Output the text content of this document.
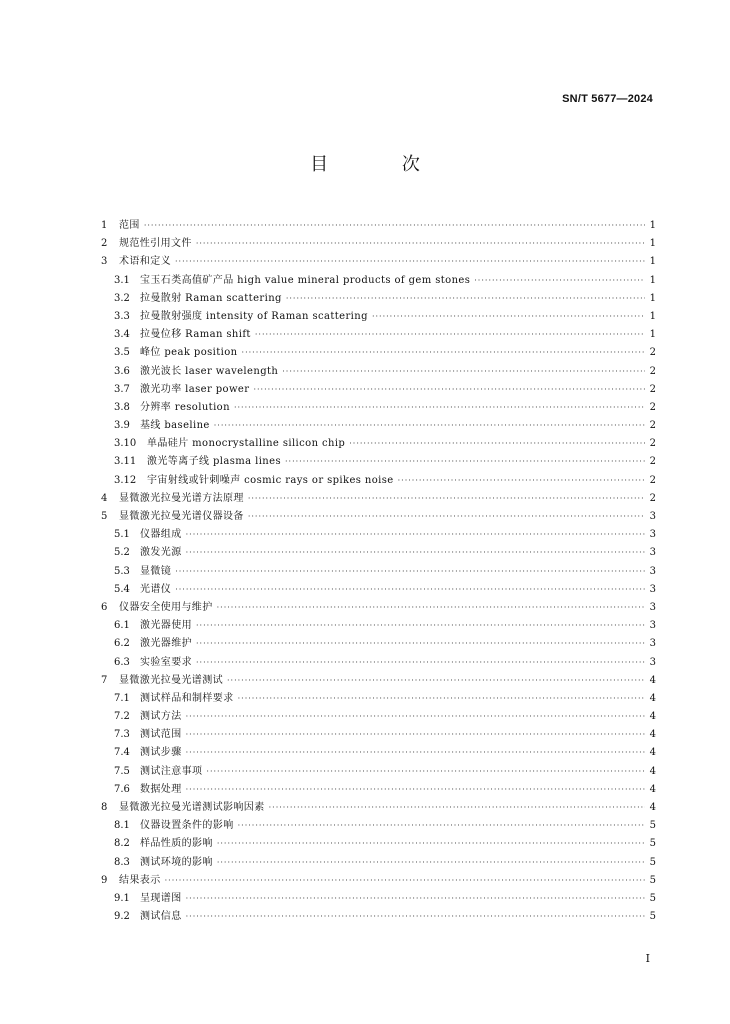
SN/T 5677—2024
目 次
1	范围 ·····	1
2	规范性引用文件 ·····	1
3	术语和定义 ·····	1
3.1	宝玉石类高值矿产品 high value mineral products of gem stones ·····	1
3.2	拉曼散射 Raman scattering ·····	1
3.3	拉曼散射强度 intensity of Raman scattering ·····	1
3.4	拉曼位移 Raman shift ·····	1
3.5	峰位 peak position ·····	2
3.6	激光波长 laser wavelength ·····	2
3.7	激光功率 laser power ·····	2
3.8	分辨率 resolution ·····	2
3.9	基线 baseline ·····	2
3.10	单晶硅片 monocrystalline silicon chip ·····	2
3.11	激光等离子线 plasma lines ·····	2
3.12	宇宙射线或针刺噪声 cosmic rays or spikes noise ·····	2
4	显微激光拉曼光谱方法原理 ·····	2
5	显微激光拉曼光谱仪器设备 ·····	3
5.1	仪器组成 ·····	3
5.2	激发光源 ·····	3
5.3	显微镜 ·····	3
5.4	光谱仪 ·····	3
6	仪器安全使用与维护 ·····	3
6.1	激光器使用 ·····	3
6.2	激光器维护 ·····	3
6.3	实验室要求 ·····	3
7	显微激光拉曼光谱测试 ·····	4
7.1	测试样品和制样要求 ·····	4
7.2	测试方法 ·····	4
7.3	测试范围 ·····	4
7.4	测试步骤 ·····	4
7.5	测试注意事项 ·····	4
7.6	数据处理 ·····	4
8	显微激光拉曼光谱测试影响因素 ·····	4
8.1	仪器设置条件的影响 ·····	5
8.2	样品性质的影响 ·····	5
8.3	测试环境的影响 ·····	5
9	结果表示 ·····	5
9.1	呈现谱图 ·····	5
9.2	测试信息 ·····	5
I
